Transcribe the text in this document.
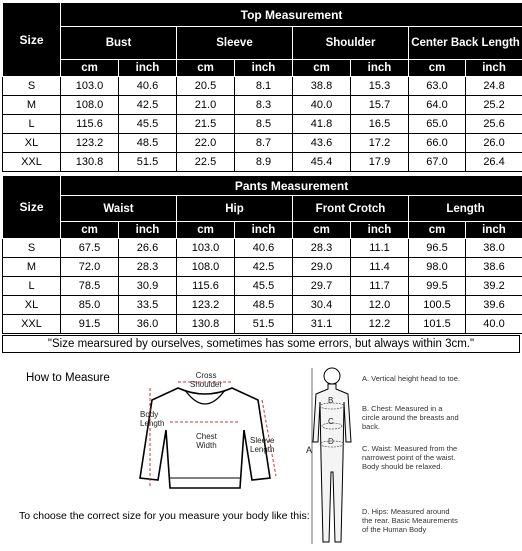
Size	Top Measurement							
	Bust		Sleeve		Shoulder		Center Back Length	
	cm	inch	cm	inch	cm	inch	cm	inch
S	103.0	40.6	20.5	8.1	38.8	15.3	63.0	24.8
M	108.0	42.5	21.0	8.3	40.0	15.7	64.0	25.2
L	115.6	45.5	21.5	8.5	41.8	16.5	65.0	25.6
XL	123.2	48.5	22.0	8.7	43.6	17.2	66.0	26.0
XXL	130.8	51.5	22.5	8.9	45.4	17.9	67.0	26.4
Size	Pants Measurement							
	Waist		Hip		Front Crotch		Length	
	cm	inch	cm	inch	cm	inch	cm	inch
S	67.5	26.6	103.0	40.6	28.3	11.1	96.5	38.0
M	72.0	28.3	108.0	42.5	29.0	11.4	98.0	38.6
L	78.5	30.9	115.6	45.5	29.7	11.7	99.5	39.2
XL	85.0	33.5	123.2	48.5	30.4	12.0	100.5	39.6
XXL	91.5	36.0	130.8	51.5	31.1	12.2	101.5	40.0
"Size mearsured by ourselves, sometimes has some errors, but always within 3cm."
How to Measure	Cross
Shoulder
Body
Length
Chest
Width
Sleeve
Length
To choose the correct size for you measure your body like this:
A
B
C
D
A. Vertical height head to toe.
B. Chest: Measured in a circle around the breasts and back.
C. Waist: Measured from the narrowest point of the waist. Body should be relaxed.
D. Hips: Measured around the rear. Basic Meaurements of the Human Body
